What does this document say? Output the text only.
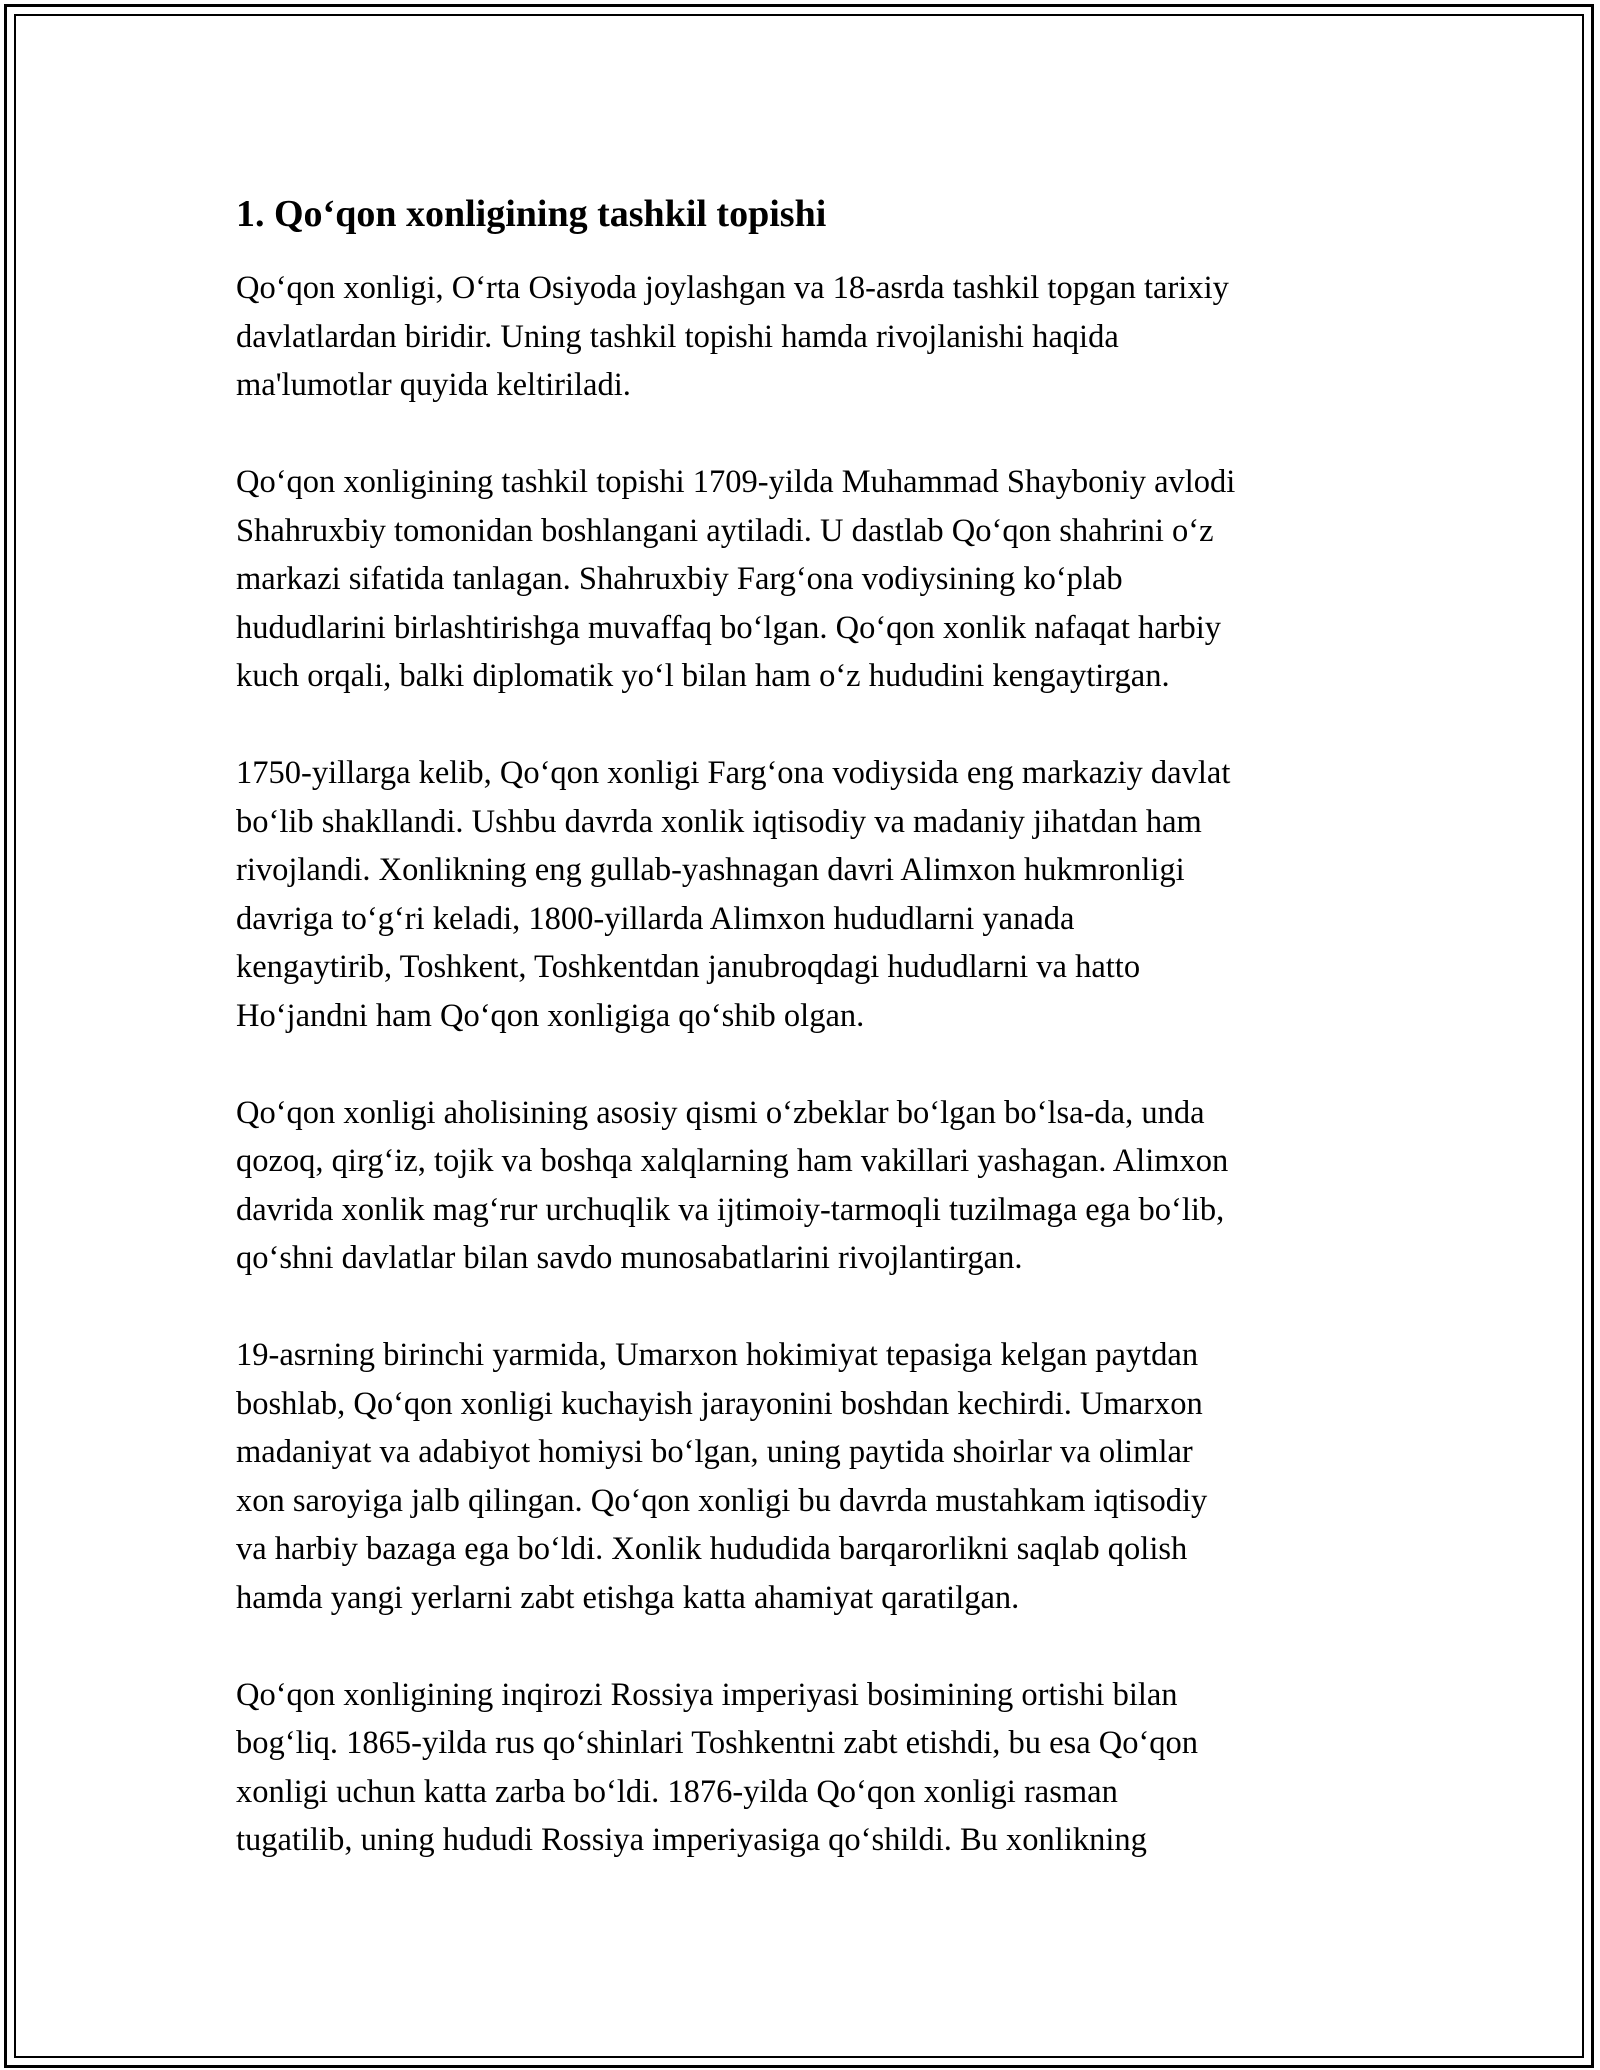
1. Qo‘qon xonligining tashkil topishi

Qo‘qon xonligi, O‘rta Osiyoda joylashgan va 18-asrda tashkil topgan tarixiy
davlatlardan biridir. Uning tashkil topishi hamda rivojlanishi haqida
ma'lumotlar quyida keltiriladi.

Qo‘qon xonligining tashkil topishi 1709-yilda Muhammad Shayboniy avlodi
Shahruxbiy tomonidan boshlangani aytiladi. U dastlab Qo‘qon shahrini o‘z
markazi sifatida tanlagan. Shahruxbiy Farg‘ona vodiysining ko‘plab
hududlarini birlashtirishga muvaffaq bo‘lgan. Qo‘qon xonlik nafaqat harbiy
kuch orqali, balki diplomatik yo‘l bilan ham o‘z hududini kengaytirgan.

1750-yillarga kelib, Qo‘qon xonligi Farg‘ona vodiysida eng markaziy davlat
bo‘lib shakllandi. Ushbu davrda xonlik iqtisodiy va madaniy jihatdan ham
rivojlandi. Xonlikning eng gullab-yashnagan davri Alimxon hukmronligi
davriga to‘g‘ri keladi, 1800-yillarda Alimxon hududlarni yanada
kengaytirib, Toshkent, Toshkentdan janubroqdagi hududlarni va hatto
Ho‘jandni ham Qo‘qon xonligiga qo‘shib olgan.

Qo‘qon xonligi aholisining asosiy qismi o‘zbeklar bo‘lgan bo‘lsa-da, unda
qozoq, qirg‘iz, tojik va boshqa xalqlarning ham vakillari yashagan. Alimxon
davrida xonlik mag‘rur urchuqlik va ijtimoiy-tarmoqli tuzilmaga ega bo‘lib,
qo‘shni davlatlar bilan savdo munosabatlarini rivojlantirgan.

19-asrning birinchi yarmida, Umarxon hokimiyat tepasiga kelgan paytdan
boshlab, Qo‘qon xonligi kuchayish jarayonini boshdan kechirdi. Umarxon
madaniyat va adabiyot homiysi bo‘lgan, uning paytida shoirlar va olimlar
xon saroyiga jalb qilingan. Qo‘qon xonligi bu davrda mustahkam iqtisodiy
va harbiy bazaga ega bo‘ldi. Xonlik hududida barqarorlikni saqlab qolish
hamda yangi yerlarni zabt etishga katta ahamiyat qaratilgan.

Qo‘qon xonligining inqirozi Rossiya imperiyasi bosimining ortishi bilan
bog‘liq. 1865-yilda rus qo‘shinlari Toshkentni zabt etishdi, bu esa Qo‘qon
xonligi uchun katta zarba bo‘ldi. 1876-yilda Qo‘qon xonligi rasman
tugatilib, uning hududi Rossiya imperiyasiga qo‘shildi. Bu xonlikning
